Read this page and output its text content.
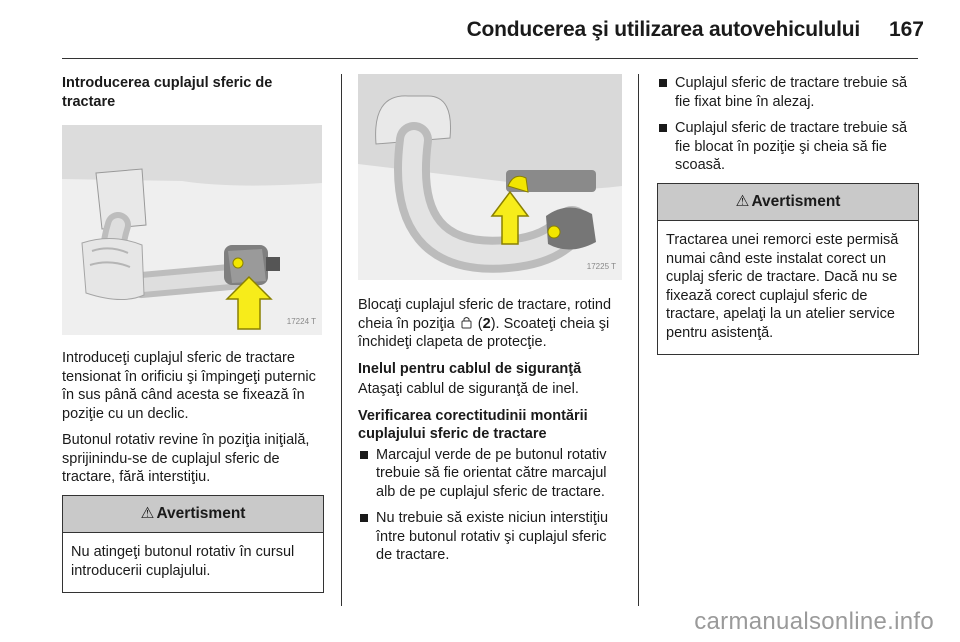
Conducerea şi utilizarea autovehiculului	167
Introducerea cuplajul sferic de tractare
17224 T

Introduceţi cuplajul sferic de tractare tensionat în orificiu şi împingeţi puternic în sus până când acesta se fixează în poziţie cu un declic.

Butonul rotativ revine în poziţia iniţială, sprijinindu-se de cuplajul sferic de tractare, fără interstiţiu.

⚠ Avertisment
Nu atingeţi butonul rotativ în cursul introducerii cuplajului.
17225 T

Blocaţi cuplajul sferic de tractare, rotind cheia în poziţia  (2). Scoateţi cheia şi închideţi clapeta de protecţie.

Inelul pentru cablul de siguranţă

Ataşaţi cablul de siguranţă de inel.

Verificarea corectitudinii montării cuplajului sferic de tractare
Marcajul verde de pe butonul rotativ trebuie să fie orientat către marcajul alb de pe cuplajul sferic de tractare.
Nu trebuie să existe niciun interstiţiu între butonul rotativ şi cuplajul sferic de tractare.
Cuplajul sferic de tractare trebuie să fie fixat bine în alezaj.
Cuplajul sferic de tractare trebuie să fie blocat în poziţie şi cheia să fie scoasă.
⚠ Avertisment
Tractarea unei remorci este permisă numai când este instalat corect un cuplaj sferic de tractare. Dacă nu se fixează corect cuplajul sferic de tractare, apelaţi la un atelier service pentru asistenţă.
carmanualsonline.info
